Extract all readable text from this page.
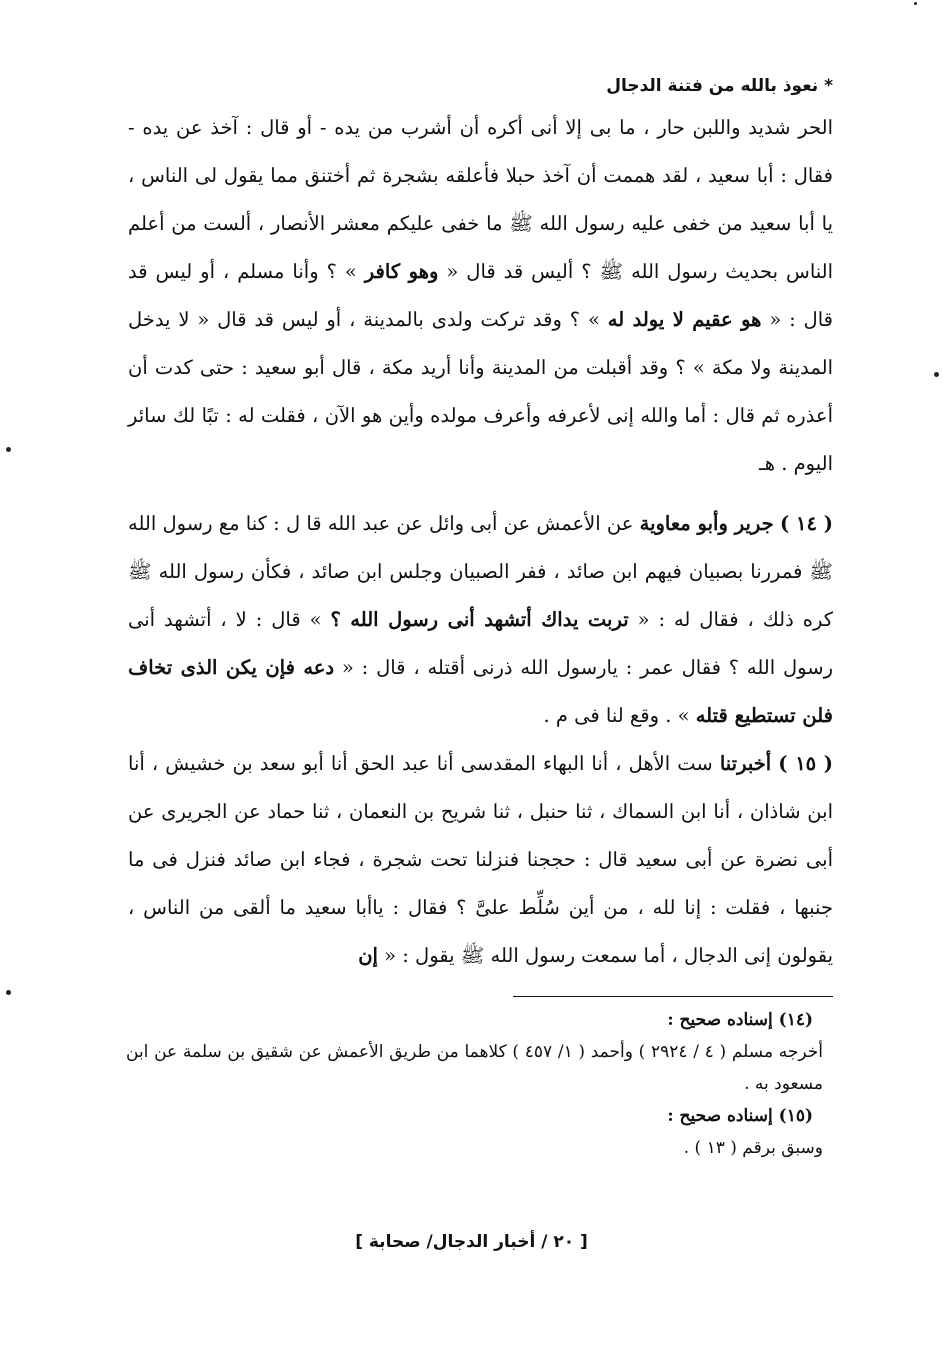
* نعوذ بالله من فتنة الدجال

الحر شديد واللبن حار ، ما بى إلا أنى أكره أن أشرب من يده - أو قال : آخذ عن يده - فقال : أبا سعيد ، لقد هممت أن آخذ حبلا فأعلقه بشجرة ثم أختنق مما يقول لى الناس ، يا أبا سعيد من خفى عليه رسول الله ﷺ ما خفى عليكم معشر الأنصار ، ألست من أعلم الناس بحديث رسول الله ﷺ ؟ أليس قد قال « وهو كافر » ؟ وأنا مسلم ، أو ليس قد قال : « هو عقيم لا يولد له » ؟ وقد تركت ولدى بالمدينة ، أو ليس قد قال « لا يدخل المدينة ولا مكة » ؟ وقد أقبلت من المدينة وأنا أريد مكة ، قال أبو سعيد : حتى كدت أن أعذره ثم قال : أما والله إنى لأعرفه وأعرف مولده وأين هو الآن ، فقلت له : تبًا لك سائر اليوم . هـ

( ١٤ ) جرير وأبو معاوية عن الأعمش عن أبى وائل عن عبد الله قا ل : كنا مع رسول الله ﷺ فمررنا بصبيان فيهم ابن صائد ، ففر الصبيان وجلس ابن صائد ، فكأن رسول الله ﷺ كره ذلك ، فقال له : « تربت يداك أتشهد أنى رسول الله ؟ » قال : لا ، أتشهد أنى رسول الله ؟ فقال عمر : يارسول الله ذرنى أقتله ، قال : « دعه فإن يكن الذى تخاف فلن تستطيع قتله » . وقع لنا فى م .

( ١٥ ) أخبرتنا ست الأهل ، أنا البهاء المقدسى أنا عبد الحق أنا أبو سعد بن خشيش ، أنا ابن شاذان ، أنا ابن السماك ، ثنا حنبل ، ثنا شريح بن النعمان ، ثنا حماد عن الجريرى عن أبى نضرة عن أبى سعيد قال : حججنا فنزلنا تحت شجرة ، فجاء ابن صائد فنزل فى ما جنبها ، فقلت : إنا لله ، من أين سُلِّط علىَّ ؟ فقال : ياأبا سعيد ما ألقى من الناس ، يقولون إنى الدجال ، أما سمعت رسول الله ﷺ يقول : « إن

(١٤) إسناده صحيح :

أخرجه مسلم ( ٤ / ٢٩٢٤ ) وأحمد ( ١/ ٤٥٧ ) كلاهما من طريق الأعمش عن شقيق بن سلمة عن ابن مسعود به .

(١٥) إسناده صحيح :

وسبق برقم ( ١٣ ) .

[ ٢٠ / أخبار الدجال/ صحابة ]
